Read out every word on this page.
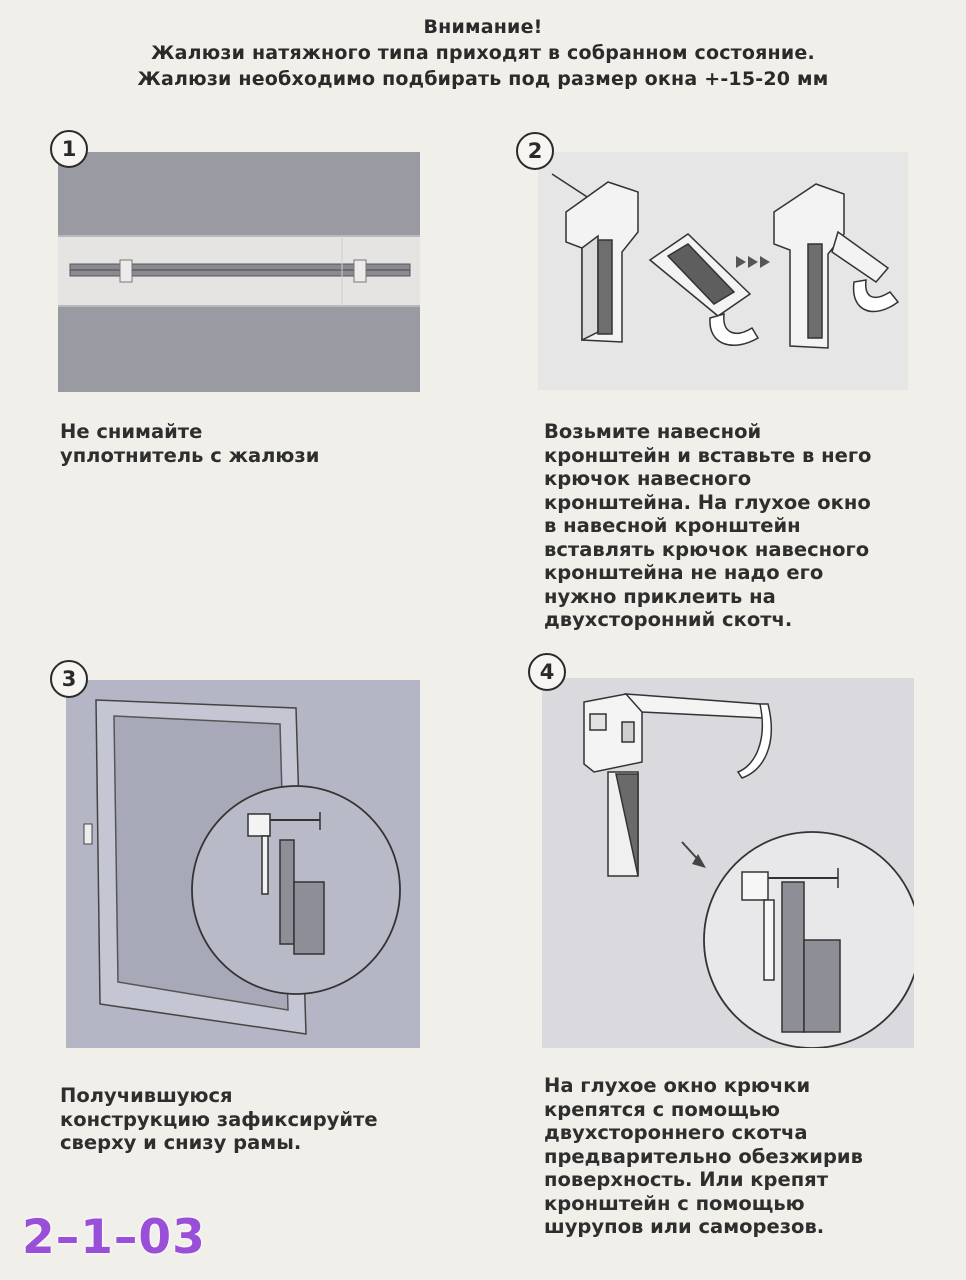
Внимание!
Жалюзи натяжного типа приходят в собранном состояние.
Жалюзи необходимо подбирать под размер окна +-15-20 мм
1
Не снимайте
уплотнитель с жалюзи
2
Возьмите навесной
кронштейн и вставьте в него
крючок навесного
кронштейна. На глухое окно
в навесной кронштейн
вставлять крючок навесного
кронштейна не надо его
нужно приклеить на
двухсторонний скотч.
3
Получившуюся
конструкцию зафиксируйте
сверху и снизу рамы.
4
На глухое окно крючки
крепятся с помощью
двухстороннего скотча
предварительно обезжирив
поверхность. Или крепят
кронштейн с помощью
шурупов или саморезов.
2–1–03
